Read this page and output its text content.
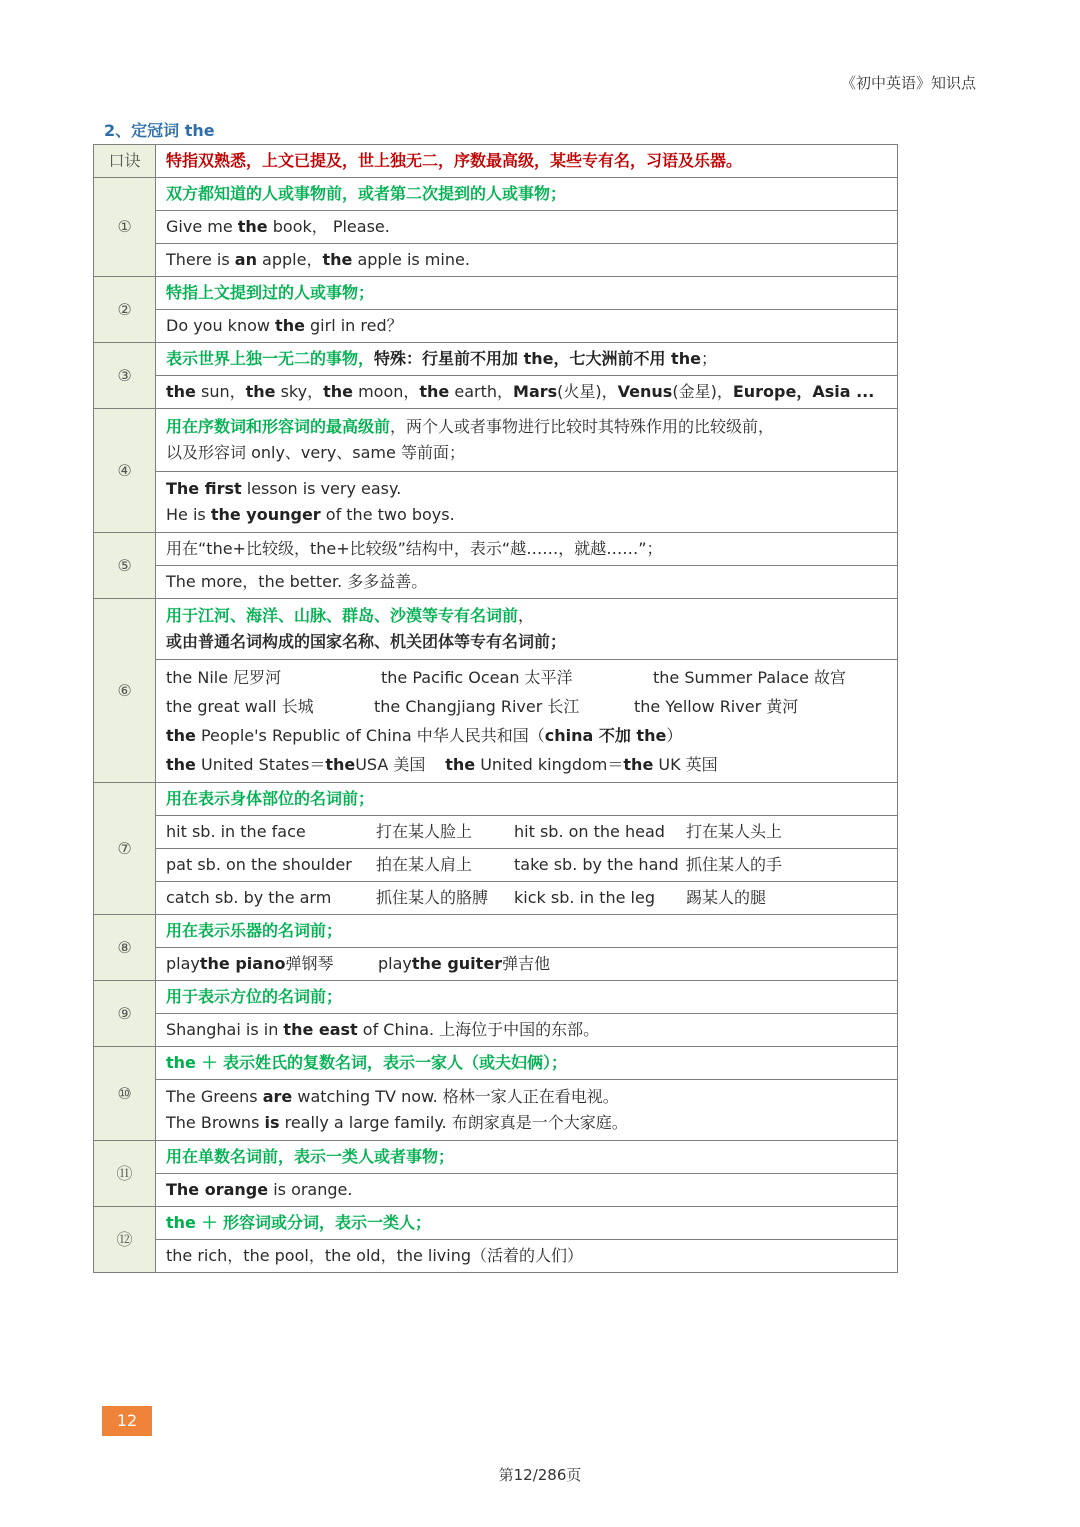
《初中英语》知识点
2、定冠词 the
口诀	特指双熟悉，上文已提及，世上独无二，序数最高级，某些专有名，习语及乐器。
①	双方都知道的人或事物前，或者第二次提到的人或事物；
	Give me the book， Please.
	There is an apple，the apple is mine.
②	特指上文提到过的人或事物；
	Do you know the girl in red？
③	表示世界上独一无二的事物，特殊：行星前不用加 the，七大洲前不用 the；
	the sun，the sky，the moon，the earth，Mars(火星)，Venus(金星)，Europe，Asia ...
④	用在序数词和形容词的最高级前，两个人或者事物进行比较时其特殊作用的比较级前，
以及形容词 only、very、same 等前面；

	The first lesson is very easy.
He is the younger of the two boys.

⑤	用在“the+比较级，the+比较级”结构中，表示“越……，就越……”；
	The more，the better. 多多益善。
⑥	用于江河、海洋、山脉、群岛、沙漠等专有名词前，
或由普通名词构成的国家名称、机关团体等专有名词前；

	the Nile 尼罗河 the Pacific Ocean 太平洋 the Summer Palace 故宫
the great wall 长城 the Changjiang River 长江 the Yellow River 黄河
the People's Republic of China 中华人民共和国（china 不加 the）
the United States＝theUSA 美国 the United kingdom＝the UK 英国

⑦	用在表示身体部位的名词前；
	hit sb. in the face 打在某人脸上 hit sb. on the head 打在某人头上
	pat sb. on the shoulder 拍在某人肩上 take sb. by the hand 抓住某人的手
	catch sb. by the arm 抓住某人的胳膊 kick sb. in the leg 踢某人的腿
⑧	用在表示乐器的名词前；
	playthe piano弹钢琴 playthe guiter弹吉他
⑨	用于表示方位的名词前；
	Shanghai is in the east of China. 上海位于中国的东部。
⑩	the ＋ 表示姓氏的复数名词，表示一家人（或夫妇俩）；

	The Greens are watching TV now. 格林一家人正在看电视。
The Browns is really a large family. 布朗家真是一个大家庭。

⑪	用在单数名词前，表示一类人或者事物；
	The orange is orange.
⑫	the ＋ 形容词或分词，表示一类人；
	the rich，the pool，the old，the living（活着的人们）
12
第12/286页
